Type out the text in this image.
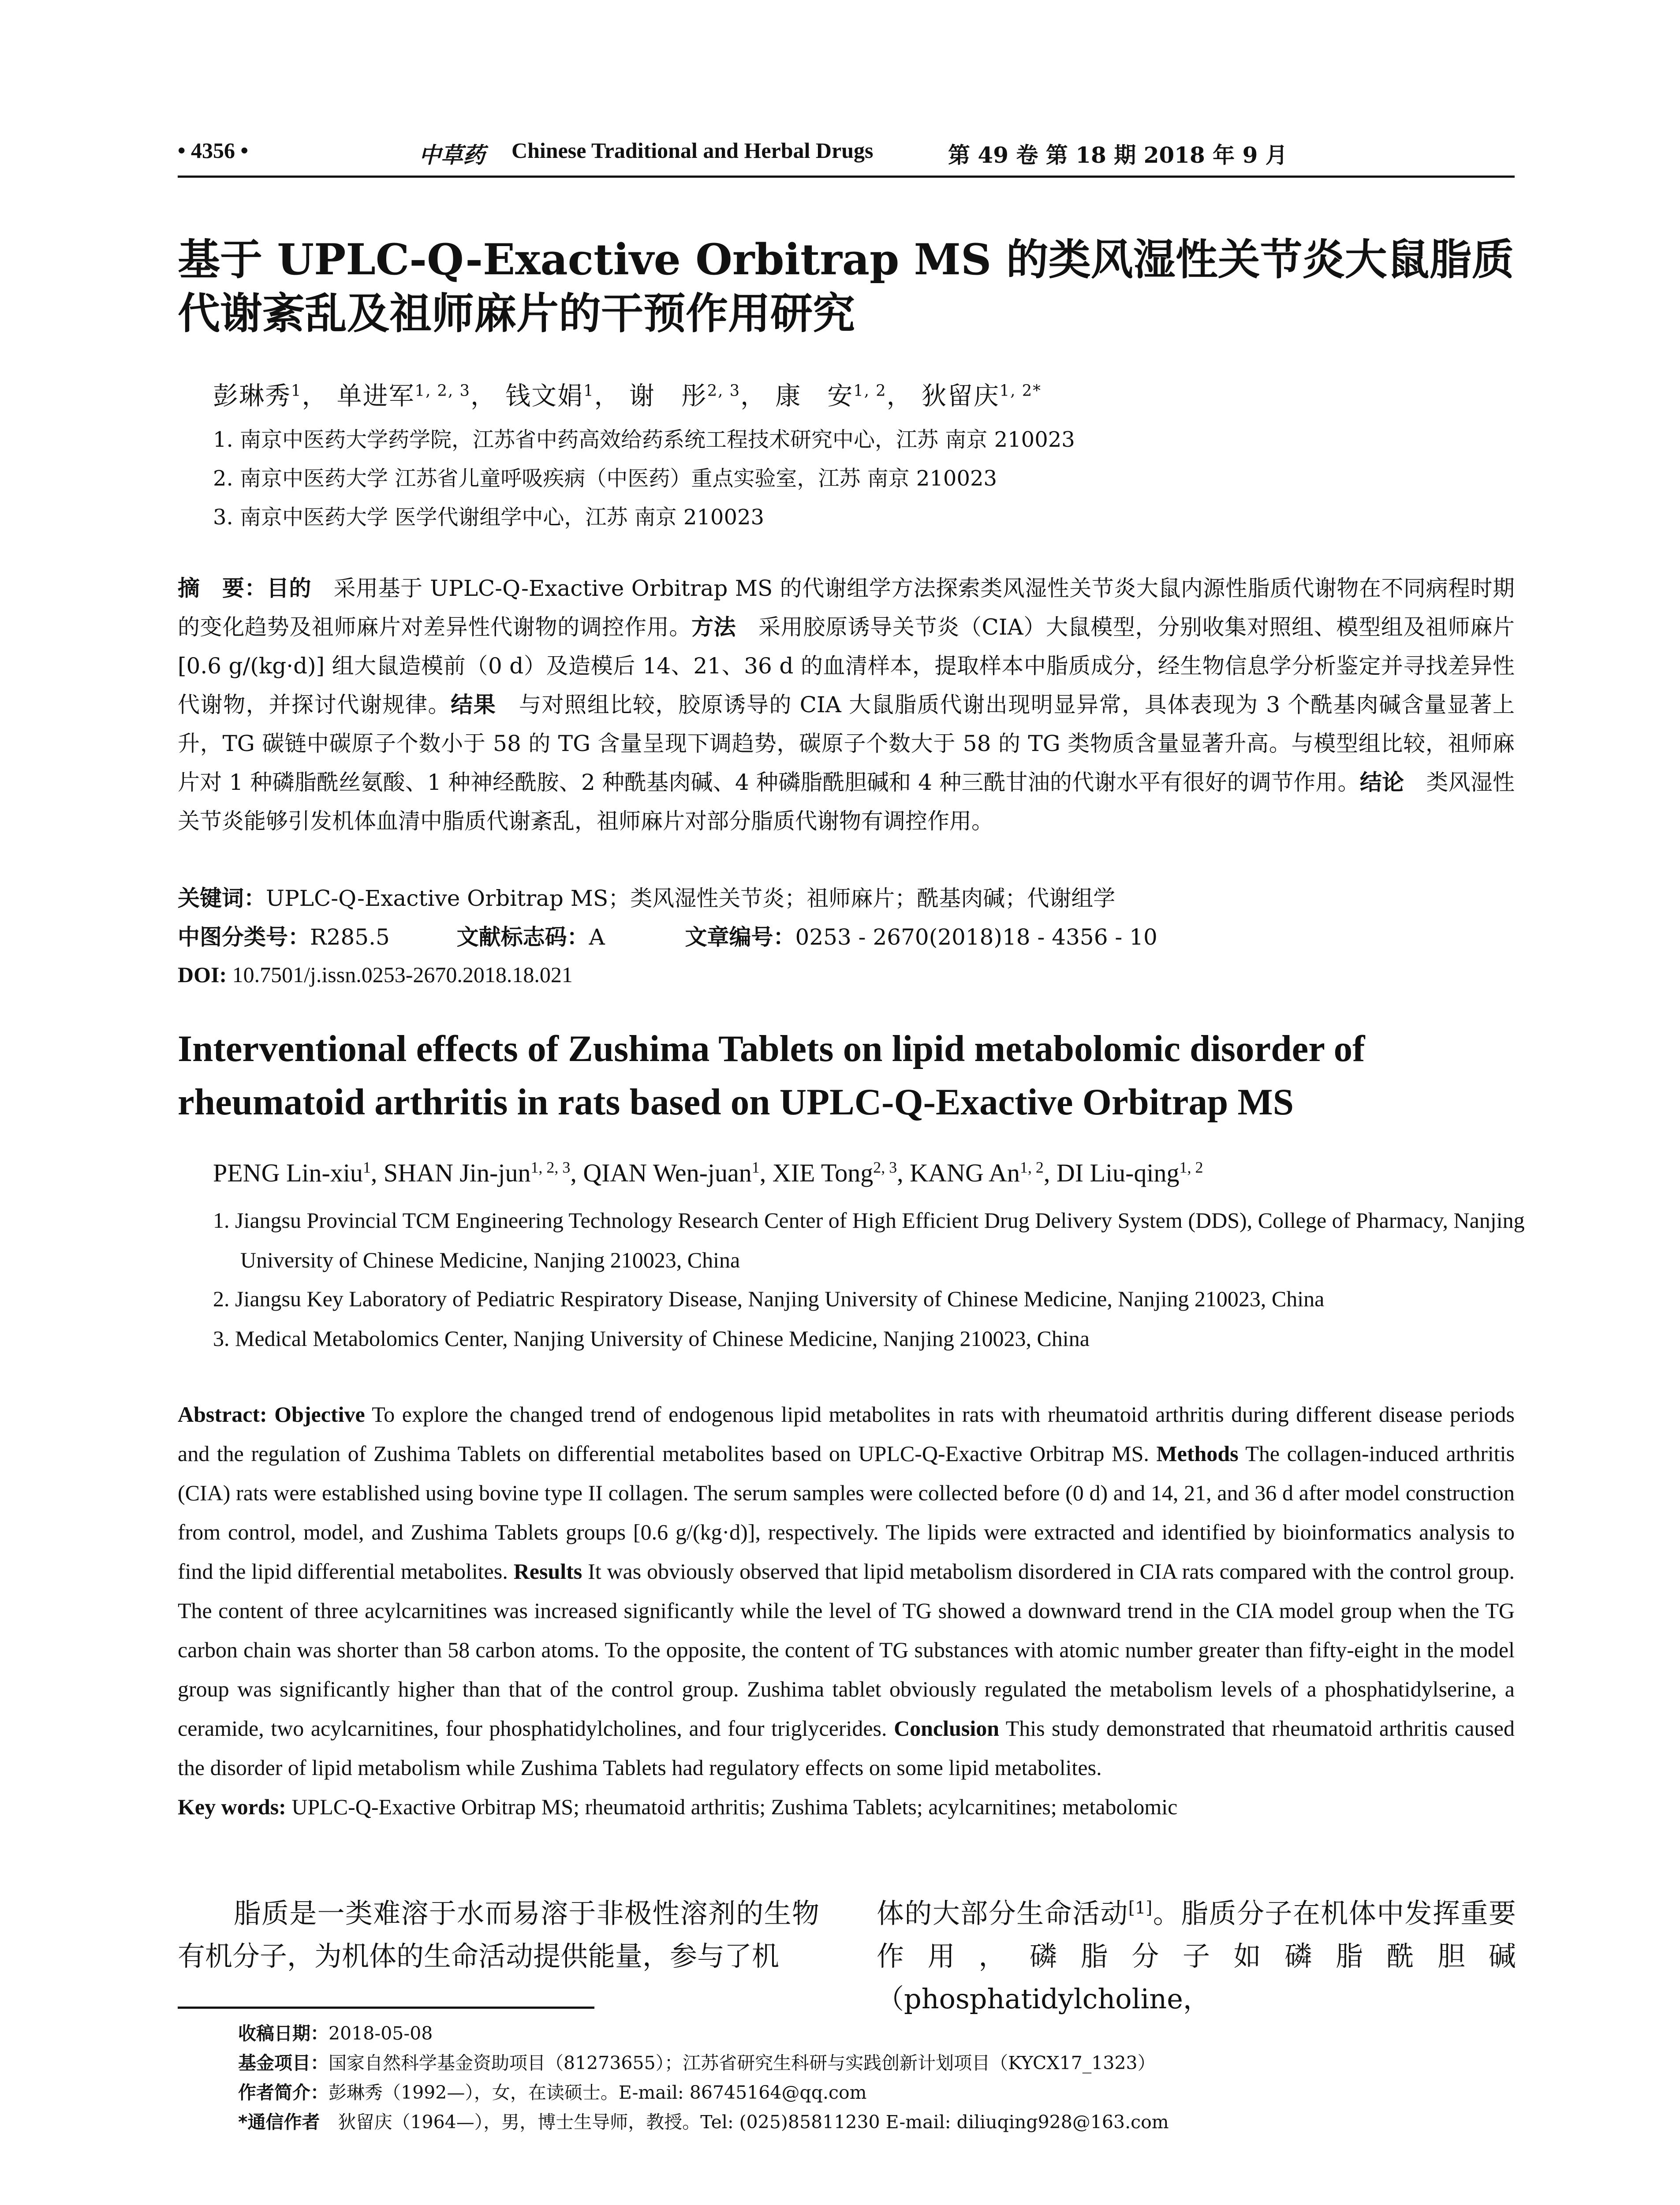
• 4356 •	中草药 Chinese Traditional and Herbal Drugs	第 49 卷 第 18 期 2018 年 9 月
基于 UPLC-Q-Exactive Orbitrap MS 的类风湿性关节炎大鼠脂质代谢紊乱及祖师麻片的干预作用研究
彭琳秀$^1$， 单进军$^{1, 2, 3}$， 钱文娟$^1$， 谢　彤$^{2, 3}$， 康　安$^{1, 2}$， 狄留庆$^{1, 2*}$
1. 南京中医药大学药学院，江苏省中药高效给药系统工程技术研究中心，江苏 南京 210023
2. 南京中医药大学 江苏省儿童呼吸疾病（中医药）重点实验室，江苏 南京 210023
3. 南京中医药大学 医学代谢组学中心，江苏 南京 210023
摘　要：目的　采用基于 UPLC-Q-Exactive Orbitrap MS 的代谢组学方法探索类风湿性关节炎大鼠内源性脂质代谢物在不同病程时期的变化趋势及祖师麻片对差异性代谢物的调控作用。方法　采用胶原诱导关节炎（CIA）大鼠模型，分别收集对照组、模型组及祖师麻片 [0.6 g/(kg·d)] 组大鼠造模前（0 d）及造模后 14、21、36 d 的血清样本，提取样本中脂质成分，经生物信息学分析鉴定并寻找差异性代谢物，并探讨代谢规律。结果　与对照组比较，胶原诱导的 CIA 大鼠脂质代谢出现明显异常，具体表现为 3 个酰基肉碱含量显著上升，TG 碳链中碳原子个数小于 58 的 TG 含量呈现下调趋势，碳原子个数大于 58 的 TG 类物质含量显著升高。与模型组比较，祖师麻片对 1 种磷脂酰丝氨酸、1 种神经酰胺、2 种酰基肉碱、4 种磷脂酰胆碱和 4 种三酰甘油的代谢水平有很好的调节作用。结论　类风湿性关节炎能够引发机体血清中脂质代谢紊乱，祖师麻片对部分脂质代谢物有调控作用。
关键词：UPLC-Q-Exactive Orbitrap MS；类风湿性关节炎；祖师麻片；酰基肉碱；代谢组学
中图分类号：R285.5	文献标志码：A	文章编号：0253 - 2670(2018)18 - 4356 - 10
DOI: 10.7501/j.issn.0253-2670.2018.18.021
Interventional effects of Zushima Tablets on lipid metabolomic disorder of rheumatoid arthritis in rats based on UPLC-Q-Exactive Orbitrap MS
PENG Lin-xiu$^1$, SHAN Jin-jun$^{1, 2, 3}$, QIAN Wen-juan$^1$, XIE Tong$^{2, 3}$, KANG An$^{1, 2}$, DI Liu-qing$^{1, 2}$
1. Jiangsu Provincial TCM Engineering Technology Research Center of High Efficient Drug Delivery System (DDS), College of Pharmacy, Nanjing University of Chinese Medicine, Nanjing 210023, China
2. Jiangsu Key Laboratory of Pediatric Respiratory Disease, Nanjing University of Chinese Medicine, Nanjing 210023, China
3. Medical Metabolomics Center, Nanjing University of Chinese Medicine, Nanjing 210023, China
Abstract: Objective To explore the changed trend of endogenous lipid metabolites in rats with rheumatoid arthritis during different disease periods and the regulation of Zushima Tablets on differential metabolites based on UPLC-Q-Exactive Orbitrap MS. Methods The collagen-induced arthritis (CIA) rats were established using bovine type II collagen. The serum samples were collected before (0 d) and 14, 21, and 36 d after model construction from control, model, and Zushima Tablets groups [0.6 g/(kg·d)], respectively. The lipids were extracted and identified by bioinformatics analysis to find the lipid differential metabolites. Results It was obviously observed that lipid metabolism disordered in CIA rats compared with the control group. The content of three acylcarnitines was increased significantly while the level of TG showed a downward trend in the CIA model group when the TG carbon chain was shorter than 58 carbon atoms. To the opposite, the content of TG substances with atomic number greater than fifty-eight in the model group was significantly higher than that of the control group. Zushima tablet obviously regulated the metabolism levels of a phosphatidylserine, a ceramide, two acylcarnitines, four phosphatidylcholines, and four triglycerides. Conclusion This study demonstrated that rheumatoid arthritis caused the disorder of lipid metabolism while Zushima Tablets had regulatory effects on some lipid metabolites.
Key words: UPLC-Q-Exactive Orbitrap MS; rheumatoid arthritis; Zushima Tablets; acylcarnitines; metabolomic
　　脂质是一类难溶于水而易溶于非极性溶剂的生物有机分子，为机体的生命活动提供能量，参与了机
体的大部分生命活动[1]。脂质分子在机体中发挥重要作用，磷脂分子如磷脂酰胆碱（phosphatidylcholine，
收稿日期：2018-05-08
基金项目：国家自然科学基金资助项目（81273655）；江苏省研究生科研与实践创新计划项目（KYCX17_1323）
作者简介：彭琳秀（1992—），女，在读硕士。E-mail: 86745164@qq.com
*通信作者　狄留庆（1964—），男，博士生导师，教授。Tel: (025)85811230 E-mail: diliuqing928@163.com
